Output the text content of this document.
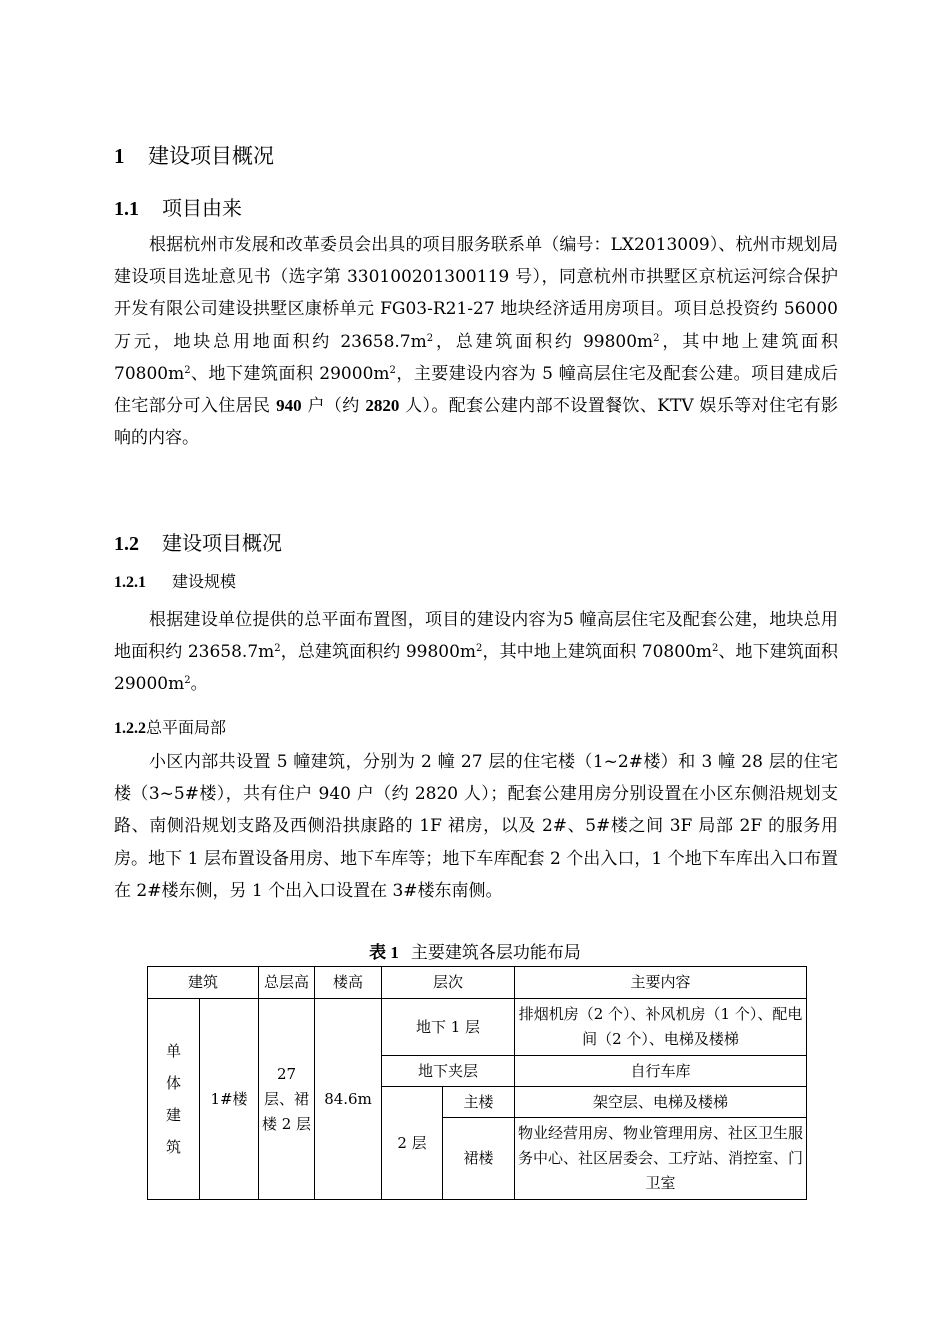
1 建设项目概况
1.1 项目由来

根据杭州市发展和改革委员会出具的项目服务联系单（编号：LX2013009）、杭州市规划局建设项目选址意见书（选字第 330100201300119 号），同意杭州市拱墅区京杭运河综合保护开发有限公司建设拱墅区康桥单元 FG03-R21-27 地块经济适用房项目。项目总投资约 56000 万元，地块总用地面积约 $23658.7m^2$，总建筑面积约 $99800m^2$，其中地上建筑面积 $70800m^2$、地下建筑面积 $29000m^2$，主要建设内容为 5 幢高层住宅及配套公建。项目建成后住宅部分可入住居民 940 户（约 2820 人）。配套公建内部不设置餐饮、KTV 娱乐等对住宅有影响的内容。

1.2 建设项目概况
1.2.1 建设规模

根据建设单位提供的总平面布置图，项目的建设内容为5 幢高层住宅及配套公建，地块总用地面积约 $23658.7m^2$，总建筑面积约 $99800m^2$，其中地上建筑面积 $70800m^2$、地下建筑面积 $29000m^2$。

1.2.2总平面局部

小区内部共设置 5 幢建筑，分别为 2 幢 27 层的住宅楼（1~2#楼）和 3 幢 28 层的住宅楼（3~5#楼），共有住户 940 户（约 2820 人）；配套公建用房分别设置在小区东侧沿规划支路、南侧沿规划支路及西侧沿拱康路的 1F 裙房，以及 2#、5#楼之间 3F 局部 2F 的服务用房。地下 1 层布置设备用房、地下车库等；地下车库配套 2 个出入口，1 个地下车库出入口布置在 2#楼东侧，另 1 个出入口设置在 3#楼东南侧。

表 1 主要建筑各层功能布局
建筑		总层高	楼高	层次		主要内容
单体建筑	1#楼	27 层、裙楼 2 层	84.6m	地下 1 层		排烟机房（2 个）、补风机房（1 个）、配电间（2 个）、电梯及楼梯
				地下夹层		自行车库
				2 层	主楼	架空层、电梯及楼梯
					裙楼	物业经营用房、物业管理用房、社区卫生服务中心、社区居委会、工疗站、消控室、门卫室
